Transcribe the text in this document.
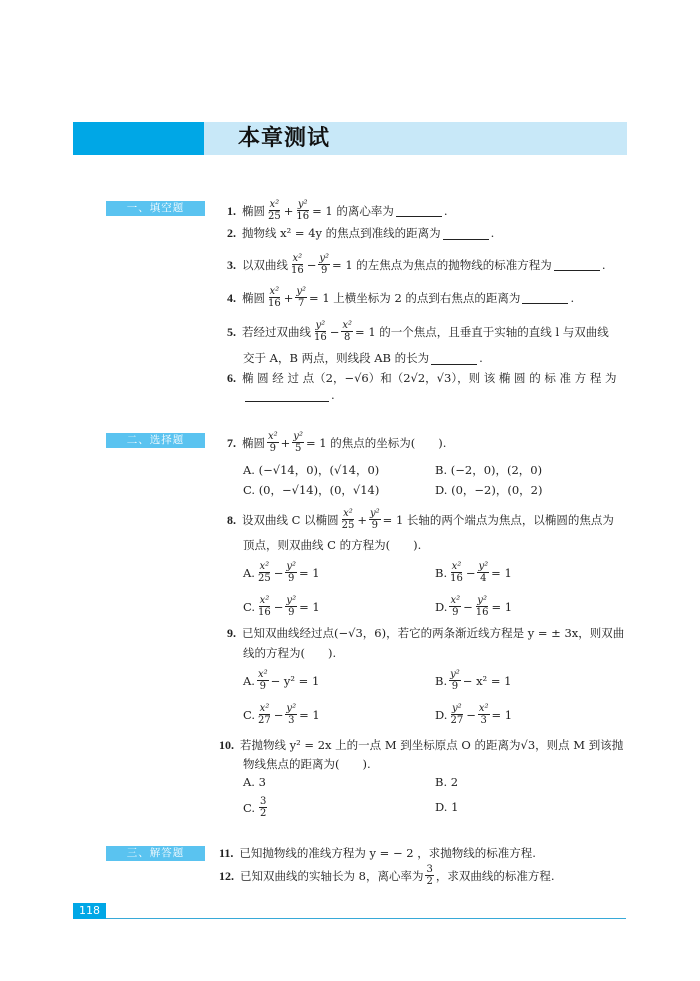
本章测试
一、填空题
二、选择题
三、解答题
1. 椭圆 $\frac{\text{x²}}{25} + \frac{\text{y²}}{16} = 1$ 的离心率为	.
2. 抛物线 x² = 4y 的焦点到准线的距离为	.
3. 以双曲线 $\frac{\text{x²}}{16} - \frac{\text{y²}}{9} = 1$ 的左焦点为焦点的抛物线的标准方程为	.
4. 椭圆 $\frac{\text{x²}}{16} + \frac{\text{y²}}{7} = 1$ 上横坐标为 2 的点到右焦点的距离为	.
5. 若经过双曲线 $\frac{\text{y²}}{16} - \frac{\text{x²}}{8} = 1$ 的一个焦点，且垂直于实轴的直线 l 与双曲线
交于 A，B 两点，则线段 AB 的长为	.
6. 椭 圆 经 过 点（2，−√6）和（2√2，√3），则 该 椭 圆 的 标 准 方 程 为
.
7. 椭圆 $\frac{\text{x²}}{9} + \frac{\text{y²}}{5} = 1$ 的焦点的坐标为(　　).
A. (−√14，0)，(√14，0)	B. (−2，0)，(2，0)
C. (0，−√14)，(0，√14)	D. (0，−2)，(0，2)
8. 设双曲线 C 以椭圆 $\frac{\text{x²}}{25} + \frac{\text{y²}}{9} = 1$ 长轴的两个端点为焦点，以椭圆的焦点为
顶点，则双曲线 C 的方程为(　　).
A. $\frac{\text{x²}}{25} - \frac{\text{y²}}{9} = 1$	B. $\frac{\text{x²}}{16} - \frac{\text{y²}}{4} = 1$
C. $\frac{\text{x²}}{16} - \frac{\text{y²}}{9} = 1$	D. $\frac{\text{x²}}{9} - \frac{\text{y²}}{16} = 1$
9. 已知双曲线经过点(−√3，6)，若它的两条渐近线方程是 y = ± 3x，则双曲
线的方程为(　　).
A. $\frac{\text{x²}}{9} - y^2 = 1$	B. $\frac{\text{y²}}{9} - x^2 = 1$
C. $\frac{\text{x²}}{27} - \frac{\text{y²}}{3} = 1$	D. $\frac{\text{y²}}{27} - \frac{\text{x²}}{3} = 1$
10. 若抛物线 y² = 2x 上的一点 M 到坐标原点 O 的距离为√3，则点 M 到该抛
物线焦点的距离为(　　).
A. 3	B. 2
C. $\frac{3}{2}$	D. 1
11. 已知抛物线的准线方程为 y = − 2 ，求抛物线的标准方程.
12. 已知双曲线的实轴长为 8，离心率为 $\frac{3}{2}$ ，求双曲线的标准方程.
118
